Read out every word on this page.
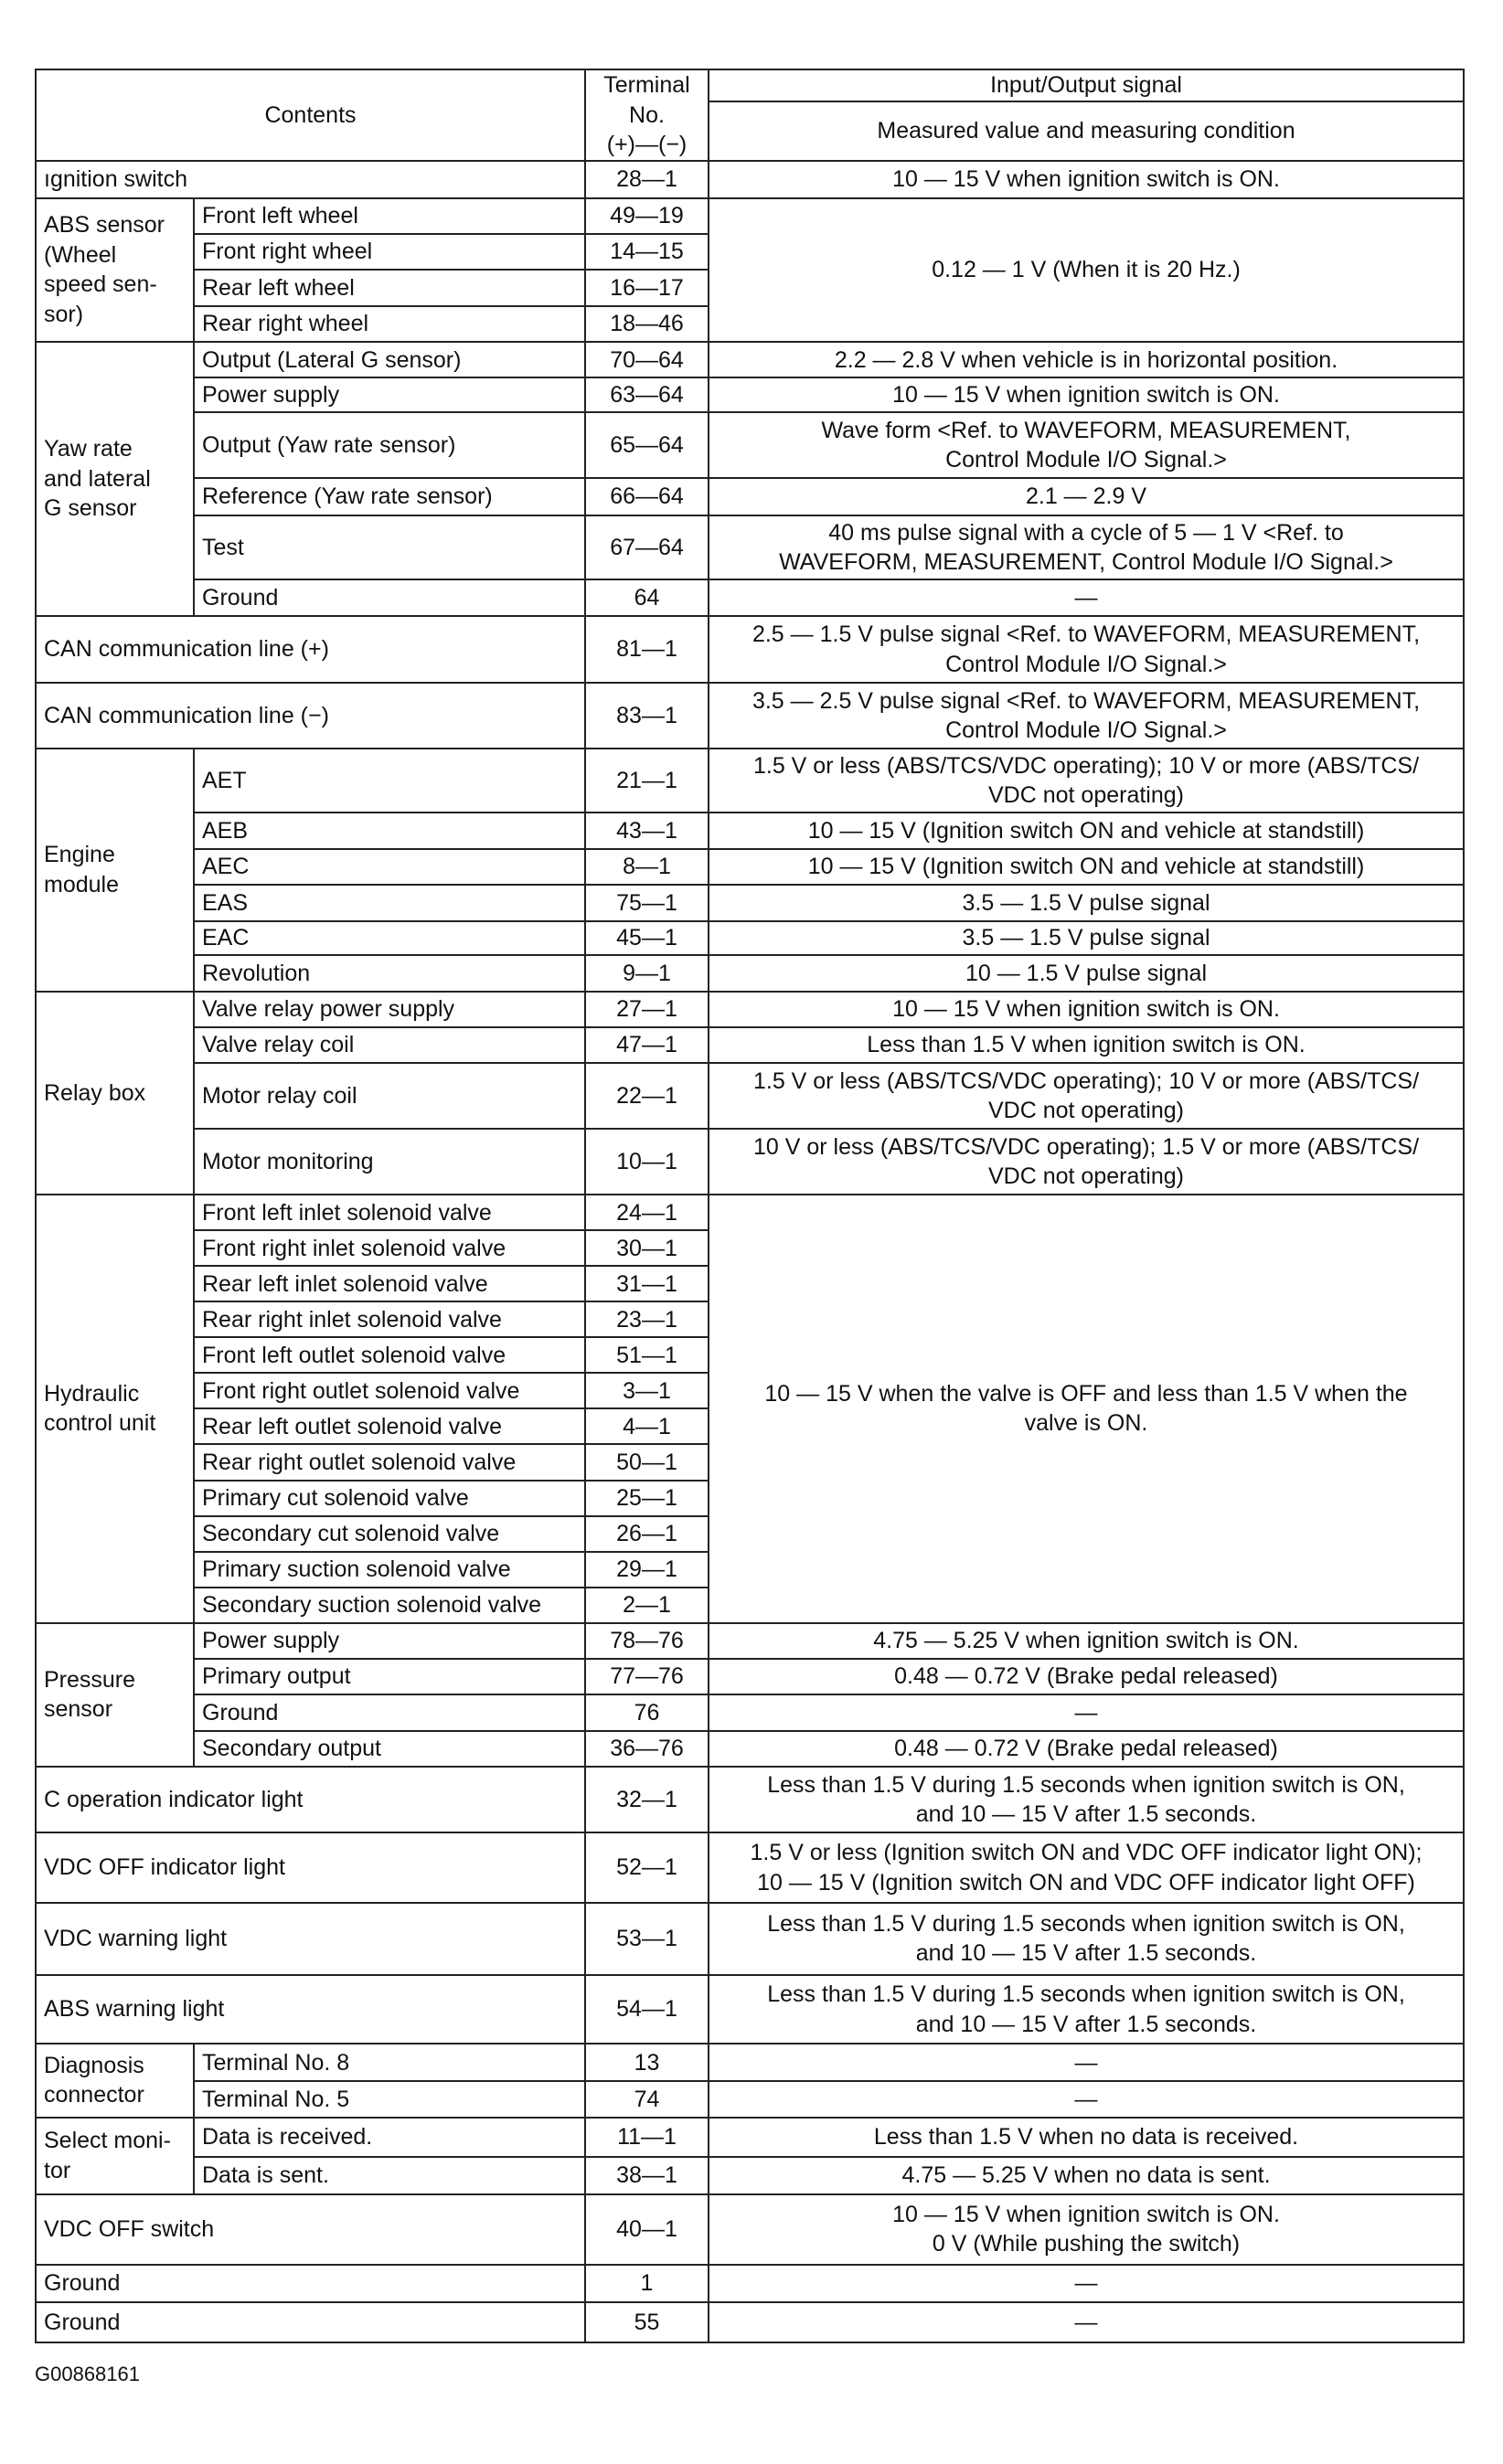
Contents		Terminal
No.
(+)—(−)	Input/Output signal
			Measured value and measuring condition
ıgnition switch		28—1	10 — 15 V when ignition switch is ON.
ABS sensor
(Wheel
speed sen-
sor)	Front left wheel	49—19	0.12 — 1 V (When it is 20 Hz.)
	Front right wheel	14—15	
	Rear left wheel	16—17	
	Rear right wheel	18—46	
Yaw rate
and lateral
G sensor	Output (Lateral G sensor)	70—64	2.2 — 2.8 V when vehicle is in horizontal position.
	Power supply	63—64	10 — 15 V when ignition switch is ON.
	Output (Yaw rate sensor)	65—64	Wave form <Ref. to WAVEFORM, MEASUREMENT,
Control Module I/O Signal.>
	Reference (Yaw rate sensor)	66—64	2.1 — 2.9 V
	Test	67—64	40 ms pulse signal with a cycle of 5 — 1 V <Ref. to
WAVEFORM, MEASUREMENT, Control Module I/O Signal.>
	Ground	64	—
CAN communication line (+)		81—1	2.5 — 1.5 V pulse signal <Ref. to WAVEFORM, MEASUREMENT,
Control Module I/O Signal.>
CAN communication line (−)		83—1	3.5 — 2.5 V pulse signal <Ref. to WAVEFORM, MEASUREMENT,
Control Module I/O Signal.>
Engine
module	AET	21—1	1.5 V or less (ABS/TCS/VDC operating); 10 V or more (ABS/TCS/
VDC not operating)
	AEB	43—1	10 — 15 V (Ignition switch ON and vehicle at standstill)
	AEC	8—1	10 — 15 V (Ignition switch ON and vehicle at standstill)
	EAS	75—1	3.5 — 1.5 V pulse signal
	EAC	45—1	3.5 — 1.5 V pulse signal
	Revolution	9—1	10 — 1.5 V pulse signal
Relay box	Valve relay power supply	27—1	10 — 15 V when ignition switch is ON.
	Valve relay coil	47—1	Less than 1.5 V when ignition switch is ON.
	Motor relay coil	22—1	1.5 V or less (ABS/TCS/VDC operating); 10 V or more (ABS/TCS/
VDC not operating)
	Motor monitoring	10—1	10 V or less (ABS/TCS/VDC operating); 1.5 V or more (ABS/TCS/
VDC not operating)
Hydraulic
control unit	Front left inlet solenoid valve	24—1	10 — 15 V when the valve is OFF and less than 1.5 V when the
valve is ON.
	Front right inlet solenoid valve	30—1	
	Rear left inlet solenoid valve	31—1	
	Rear right inlet solenoid valve	23—1	
	Front left outlet solenoid valve	51—1	
	Front right outlet solenoid valve	3—1	
	Rear left outlet solenoid valve	4—1	
	Rear right outlet solenoid valve	50—1	
	Primary cut solenoid valve	25—1	
	Secondary cut solenoid valve	26—1	
	Primary suction solenoid valve	29—1	
	Secondary suction solenoid valve	2—1	
Pressure
sensor	Power supply	78—76	4.75 — 5.25 V when ignition switch is ON.
	Primary output	77—76	0.48 — 0.72 V (Brake pedal released)
	Ground	76	—
	Secondary output	36—76	0.48 — 0.72 V (Brake pedal released)
C operation indicator light		32—1	Less than 1.5 V during 1.5 seconds when ignition switch is ON,
and 10 — 15 V after 1.5 seconds.
VDC OFF indicator light		52—1	1.5 V or less (Ignition switch ON and VDC OFF indicator light ON);
10 — 15 V (Ignition switch ON and VDC OFF indicator light OFF)
VDC warning light		53—1	Less than 1.5 V during 1.5 seconds when ignition switch is ON,
and 10 — 15 V after 1.5 seconds.
ABS warning light		54—1	Less than 1.5 V during 1.5 seconds when ignition switch is ON,
and 10 — 15 V after 1.5 seconds.
Diagnosis
connector	Terminal No. 8	13	—
	Terminal No. 5	74	—
Select moni-
tor	Data is received.	11—1	Less than 1.5 V when no data is received.
	Data is sent.	38—1	4.75 — 5.25 V when no data is sent.
VDC OFF switch		40—1	10 — 15 V when ignition switch is ON.
0 V (While pushing the switch)
Ground		1	—
Ground		55	—
G00868161
